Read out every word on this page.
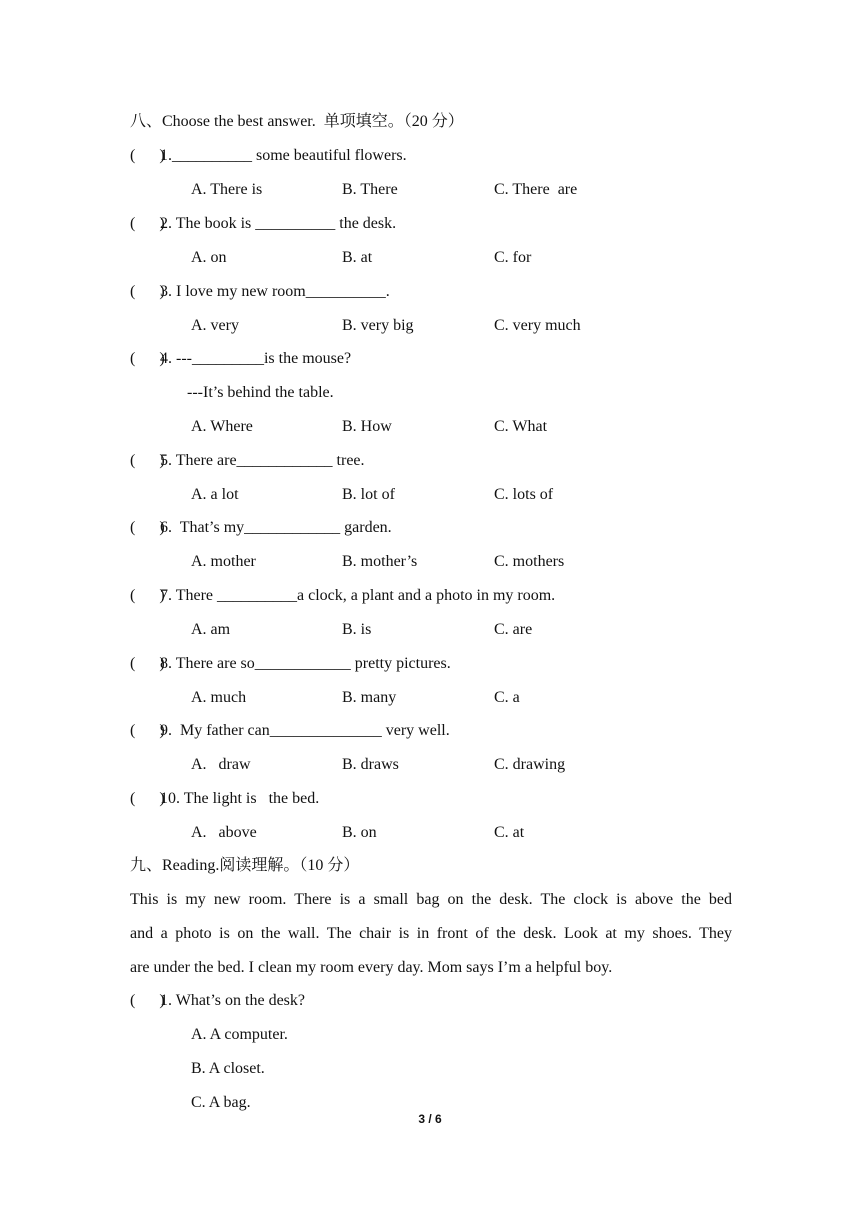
八、Choose the best answer.  单项填空。（20 分）
(      )
1.__________ some beautiful flowers.
A. There is	B. There	C. There  are
(      )
2. The book is __________ the desk.
A. on	B. at	C. for
(      )
3. I love my new room__________.
A. very	B. very big	C. very much
(      )
4. ---_________is the mouse?
---It’s behind the table.
A. Where	B. How	C. What
(      )
5. There are____________ tree.
A. a lot	B. lot of	C. lots of
(      )
6.  That’s my____________ garden.
A. mother	B. mother’s	C. mothers
(      )
7. There __________a clock, a plant and a photo in my room.
A. am	B. is	C. are
(      )
8. There are so____________ pretty pictures.
A. much	B. many	C. a
(      )
9.  My father can______________ very well.
A.   draw	B. draws	C. drawing
(      )
10. The light is   the bed.
A.   above	B. on	C. at
九、Reading.阅读理解。（10 分）
This is my new room. There is a small bag on the desk. The clock is above the bed
and a photo is on the wall. The chair is in front of the desk. Look at my shoes. They
are under the bed. I clean my room every day. Mom says I’m a helpful boy.
(      )
1. What’s on the desk?
A. A computer.
B. A closet.
C. A bag.
3 / 6
